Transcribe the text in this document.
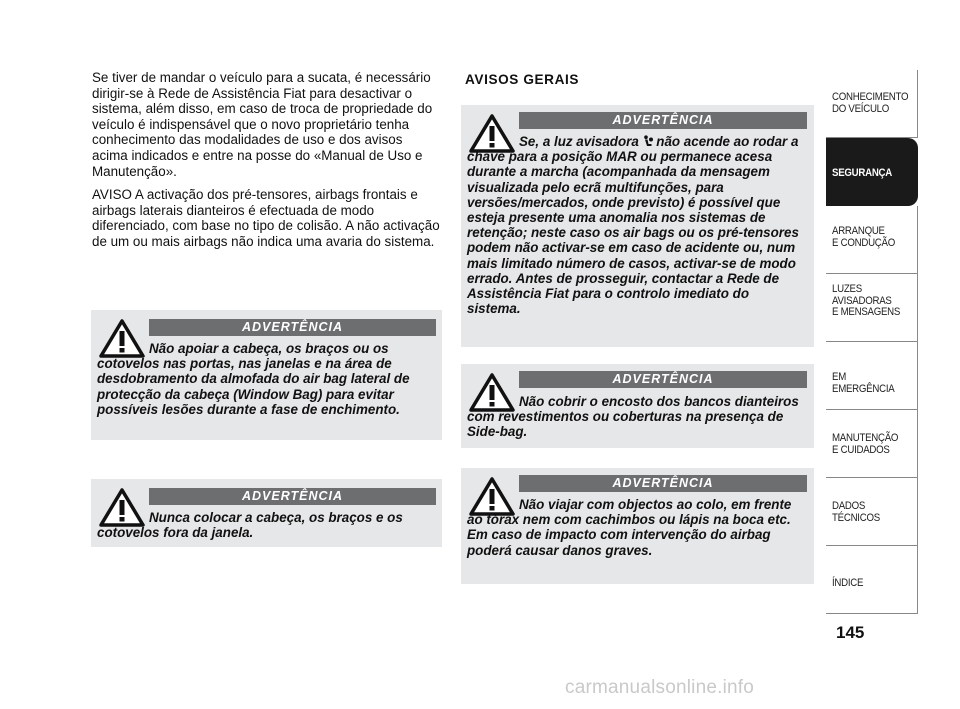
Se tiver de mandar o veículo para a sucata, é necessário dirigir-se à Rede de Assistência Fiat para desactivar o sistema, além disso, em caso de troca de propriedade do veículo é indispensável que o novo proprietário tenha conhecimento das modalidades de uso e dos avisos acima indicados e entre na posse do «Manual de Uso e Manutenção».

AVISO A activação dos pré-tensores, airbags frontais e airbags laterais dianteiros é efectuada de modo diferenciado, com base no tipo de colisão. A não activação de um ou mais airbags não indica uma avaria do sistema.

ADVERTÊNCIA
Não apoiar a cabeça, os braços ou os cotovelos nas portas, nas janelas e na área de desdobramento da almofada do air bag lateral de protecção da cabeça (Window Bag) para evitar possíveis lesões durante a fase de enchimento.
ADVERTÊNCIA
Nunca colocar a cabeça, os braços e os cotovelos fora da janela.
AVISOS GERAIS
ADVERTÊNCIA
Se, a luz avisadora  não acende ao rodar a chave para a posição MAR ou permanece acesa durante a marcha (acompanhada da mensagem visualizada pelo ecrã multifunções, para versões/mercados, onde previsto) é possível que esteja presente uma anomalia nos sistemas de retenção; neste caso os air bags ou os pré-tensores podem não activar-se em caso de acidente ou, num mais limitado número de casos, activar-se de modo errado. Antes de prosseguir, contactar a Rede de Assistência Fiat para o controlo imediato do sistema.
ADVERTÊNCIA
Não cobrir o encosto dos bancos dianteiros com revestimentos ou coberturas na presença de Side-bag.
ADVERTÊNCIA
Não viajar com objectos ao colo, em frente ao tórax nem com cachimbos ou lápis na boca etc. Em caso de impacto com intervenção do airbag poderá causar danos graves.
CONHECIMENTO
DO VEÍCULO
SEGURANÇA
ARRANQUE
E CONDUÇÃO
LUZES
AVISADORAS
E MENSAGENS
EM EMERGÊNCIA
MANUTENÇÃO
E CUIDADOS
DADOS
TÉCNICOS
ÍNDICE
145
carmanualsonline.info
